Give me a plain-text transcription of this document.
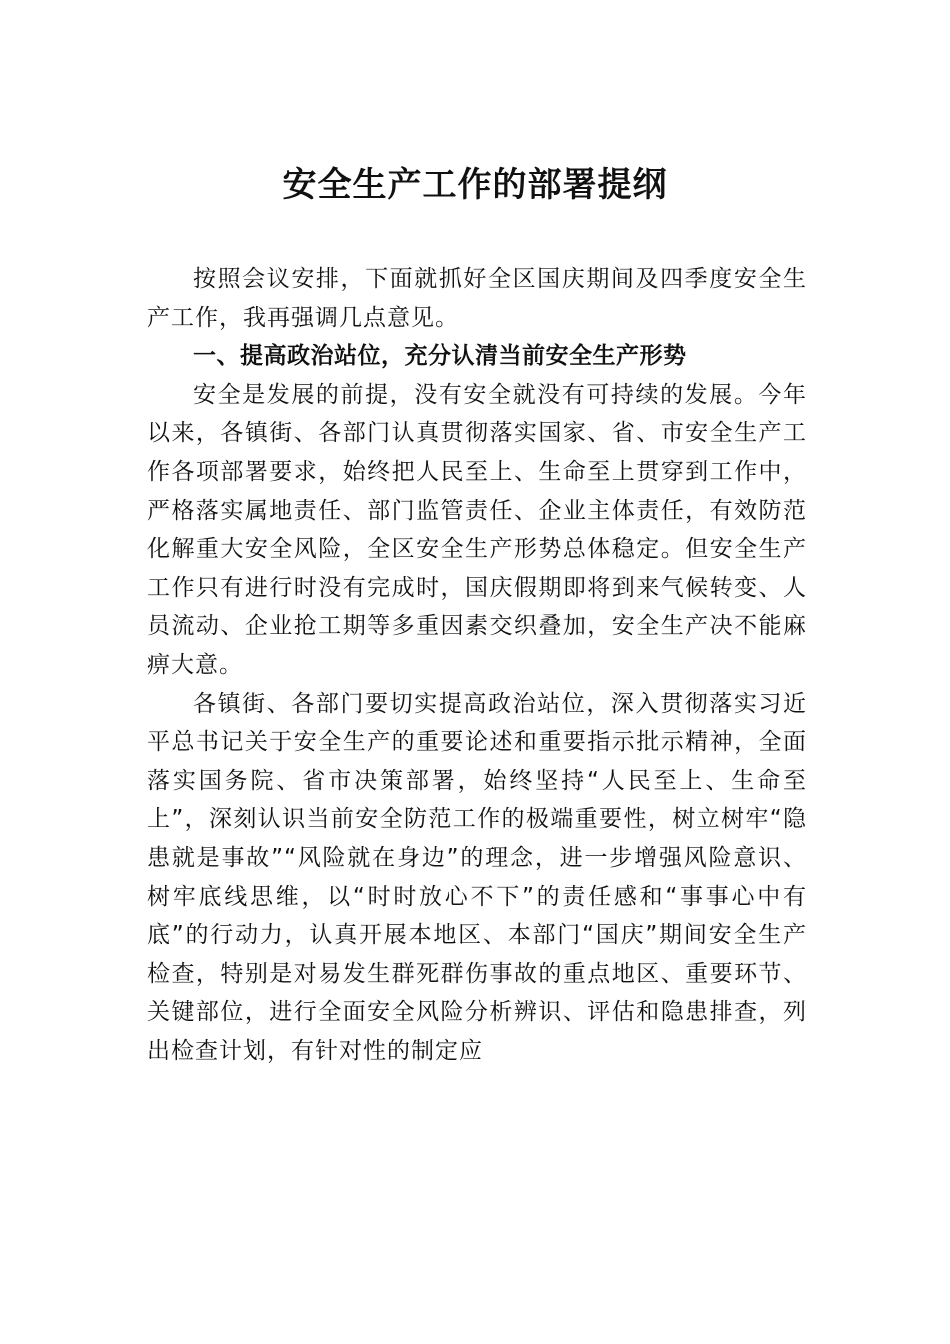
安全生产工作的部署提纲

按照会议安排，下面就抓好全区国庆期间及四季度安全生产工作，我再强调几点意见。

一、提高政治站位，充分认清当前安全生产形势

安全是发展的前提，没有安全就没有可持续的发展。今年以来，各镇街、各部门认真贯彻落实国家、省、市安全生产工作各项部署要求，始终把人民至上、生命至上贯穿到工作中，严格落实属地责任、部门监管责任、企业主体责任，有效防范化解重大安全风险，全区安全生产形势总体稳定。但安全生产工作只有进行时没有完成时，国庆假期即将到来气候转变、人员流动、企业抢工期等多重因素交织叠加，安全生产决不能麻痹大意。

各镇街、各部门要切实提高政治站位，深入贯彻落实习近平总书记关于安全生产的重要论述和重要指示批示精神，全面落实国务院、省市决策部署，始终坚持“人民至上、生命至上”，深刻认识当前安全防范工作的极端重要性，树立树牢“隐患就是事故”“风险就在身边”的理念，进一步增强风险意识、树牢底线思维，以“时时放心不下”的责任感和“事事心中有底”的行动力，认真开展本地区、本部门“国庆”期间安全生产检查，特别是对易发生群死群伤事故的重点地区、重要环节、关键部位，进行全面安全风险分析辨识、评估和隐患排查，列出检查计划，有针对性的制定应
